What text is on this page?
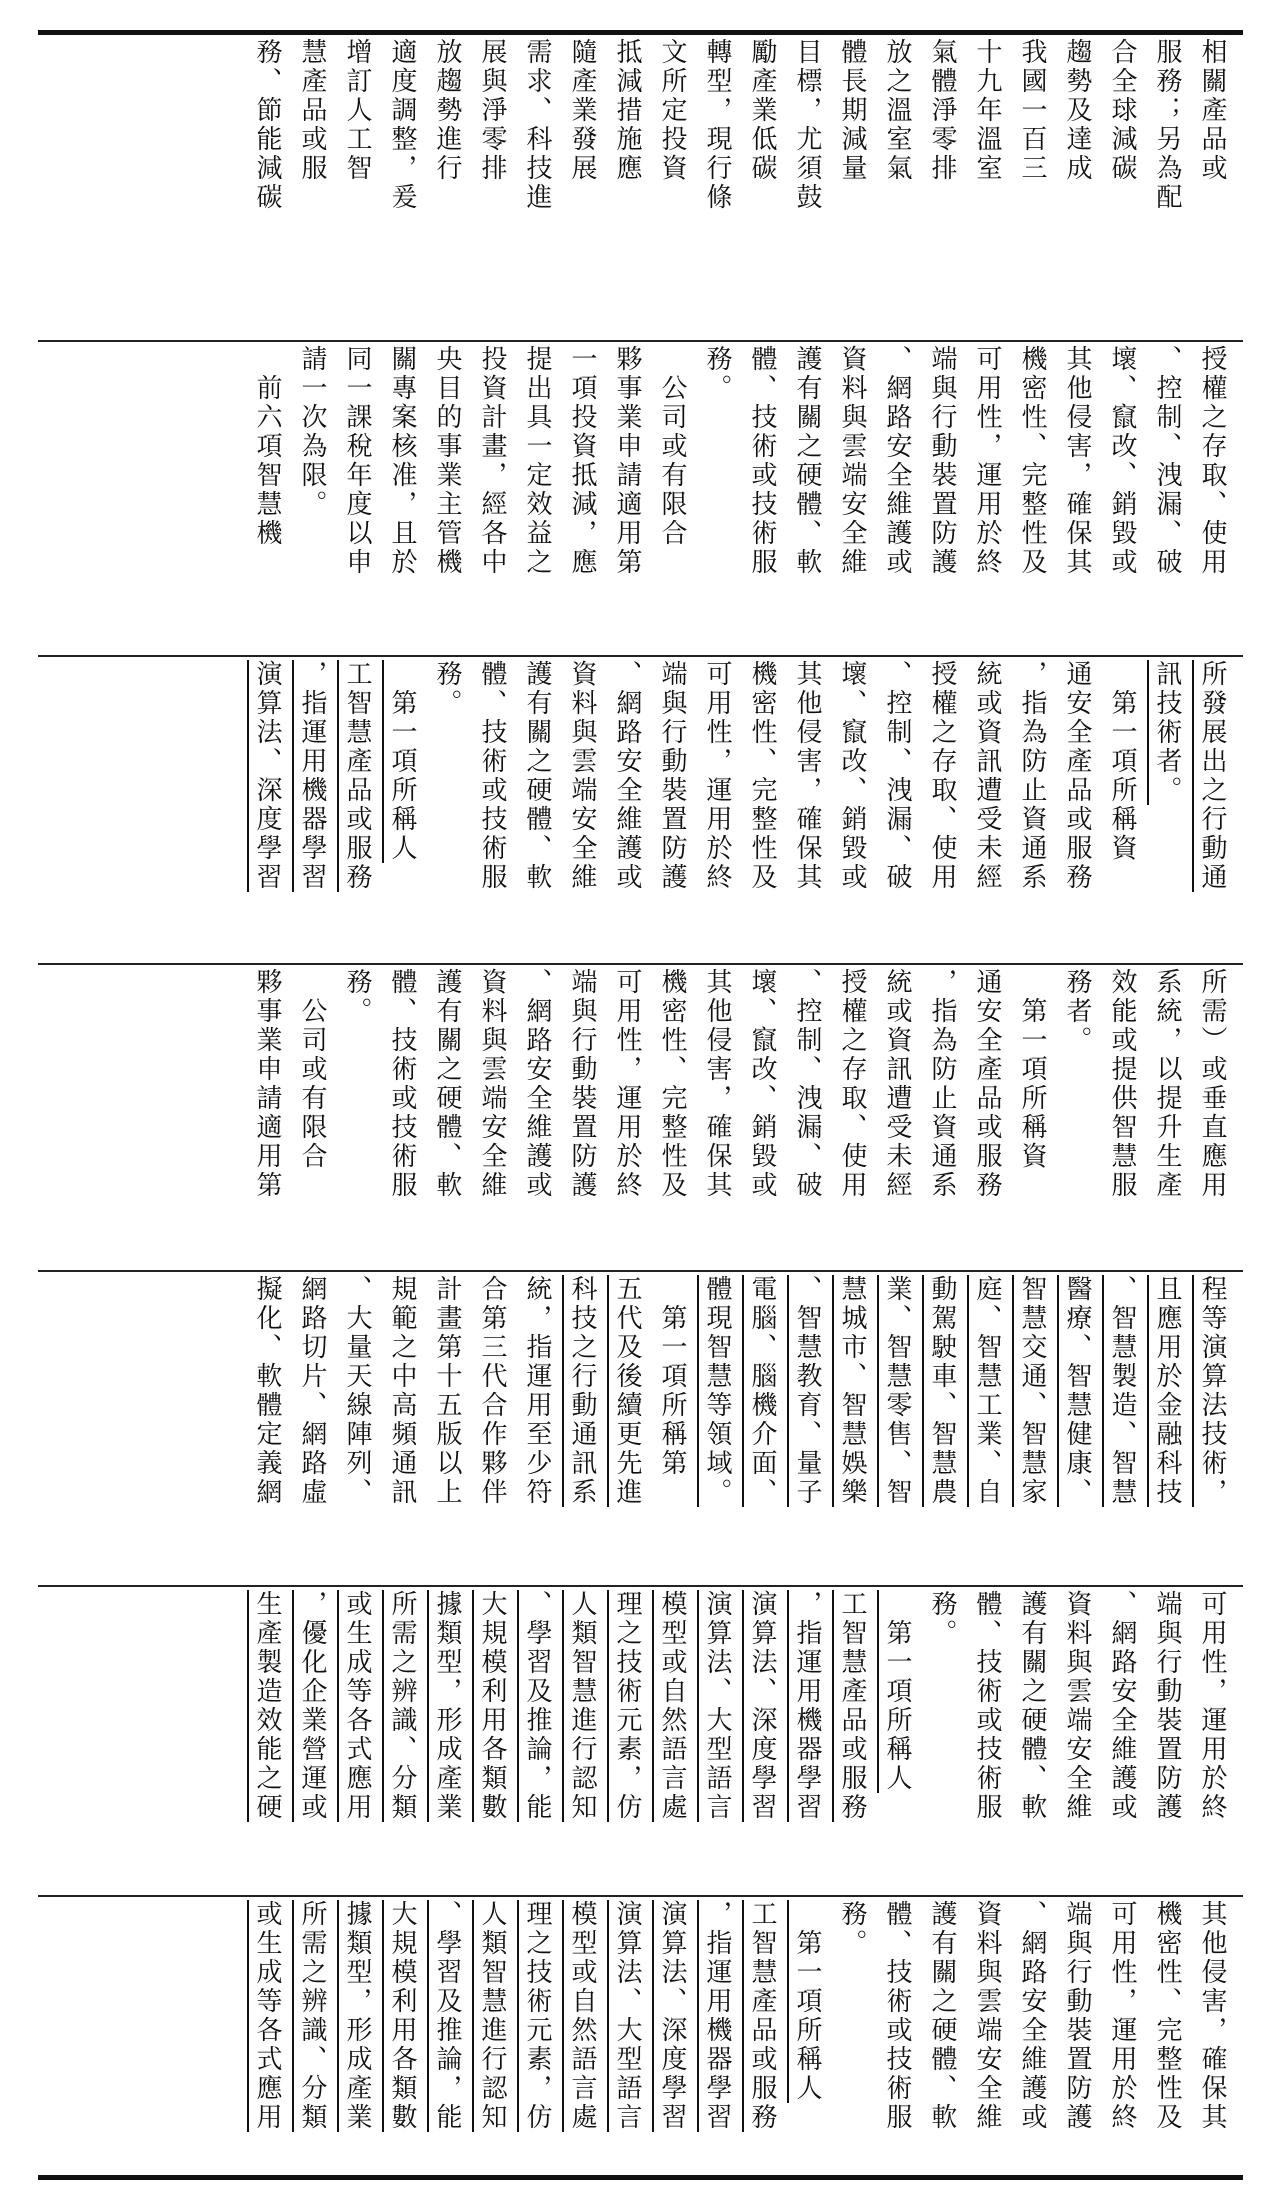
相關產品或
服務；另為配
合全球減碳
趨勢及達成
我國一百三
十九年溫室
氣體淨零排
放之溫室氣
體長期減量
目標，尤須鼓
勵產業低碳
轉型，現行條
文所定投資
抵減措施應
隨產業發展
需求、科技進
展與淨零排
放趨勢進行
適度調整，爰
增訂人工智
慧產品或服
務、節能減碳
授權之存取、使用
、控制、洩漏、破
壞、竄改、銷毀或
其他侵害，確保其
機密性、完整性及
可用性，運用於終
端與行動裝置防護
、網路安全維護或
資料與雲端安全維
護有關之硬體、軟
體、技術或技術服
務。
　公司或有限合
夥事業申請適用第
一項投資抵減，應
提出具一定效益之
投資計畫，經各中
央目的事業主管機
關專案核准，且於
同一課稅年度以申
請一次為限。
　前六項智慧機
所發展出之行動通
訊技術者。
　第一項所稱資
通安全產品或服務
，指為防止資通系
統或資訊遭受未經
授權之存取、使用
、控制、洩漏、破
壞、竄改、銷毀或
其他侵害，確保其
機密性、完整性及
可用性，運用於終
端與行動裝置防護
、網路安全維護或
資料與雲端安全維
護有關之硬體、軟
體、技術或技術服
務。
　第一項所稱人
工智慧產品或服務
，指運用機器學習
演算法、深度學習
所需）或垂直應用
系統，以提升生產
效能或提供智慧服
務者。
　第一項所稱資
通安全產品或服務
，指為防止資通系
統或資訊遭受未經
授權之存取、使用
、控制、洩漏、破
壞、竄改、銷毀或
其他侵害，確保其
機密性、完整性及
可用性，運用於終
端與行動裝置防護
、網路安全維護或
資料與雲端安全維
護有關之硬體、軟
體、技術或技術服
務。
　公司或有限合
夥事業申請適用第
程等演算法技術，
且應用於金融科技
、智慧製造、智慧
醫療、智慧健康、
智慧交通、智慧家
庭、智慧工業、自
動駕駛車、智慧農
業、智慧零售、智
慧城市、智慧娛樂
、智慧教育、量子
電腦、腦機介面、
體現智慧等領域。
　第一項所稱第
五代及後續更先進
科技之行動通訊系
統，指運用至少符
合第三代合作夥伴
計畫第十五版以上
規範之中高頻通訊
、大量天線陣列、
網路切片、網路虛
擬化、軟體定義網
可用性，運用於終
端與行動裝置防護
、網路安全維護或
資料與雲端安全維
護有關之硬體、軟
體、技術或技術服
務。
　第一項所稱人
工智慧產品或服務
，指運用機器學習
演算法、深度學習
演算法、大型語言
模型或自然語言處
理之技術元素，仿
人類智慧進行認知
、學習及推論，能
大規模利用各類數
據類型，形成產業
所需之辨識、分類
或生成等各式應用
，優化企業營運或
生產製造效能之硬
其他侵害，確保其
機密性、完整性及
可用性，運用於終
端與行動裝置防護
、網路安全維護或
資料與雲端安全維
護有關之硬體、軟
體、技術或技術服
務。
　第一項所稱人
工智慧產品或服務
，指運用機器學習
演算法、深度學習
演算法、大型語言
模型或自然語言處
理之技術元素，仿
人類智慧進行認知
、學習及推論，能
大規模利用各類數
據類型，形成產業
所需之辨識、分類
或生成等各式應用
